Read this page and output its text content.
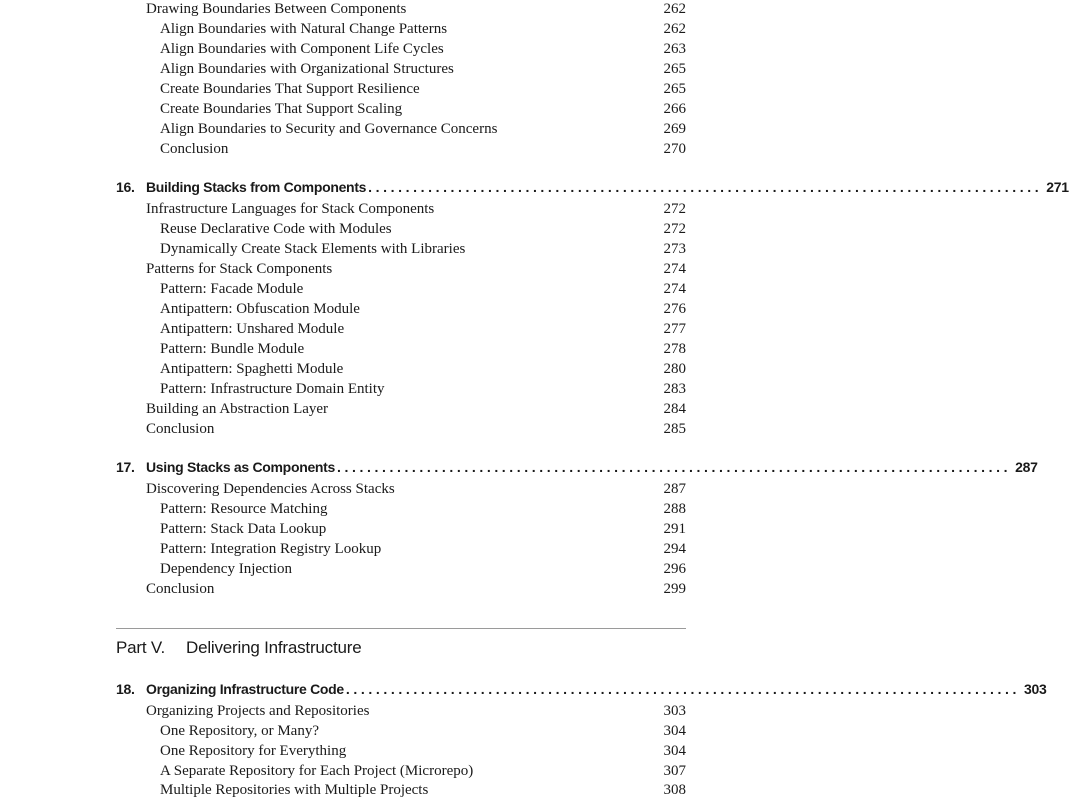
Drawing Boundaries Between Components	262
Align Boundaries with Natural Change Patterns	262
Align Boundaries with Component Life Cycles	263
Align Boundaries with Organizational Structures	265
Create Boundaries That Support Resilience	265
Create Boundaries That Support Scaling	266
Align Boundaries to Security and Governance Concerns	269
Conclusion	270
16. Building Stacks from Components .......................................................................................... 271
Infrastructure Languages for Stack Components	272
Reuse Declarative Code with Modules	272
Dynamically Create Stack Elements with Libraries	273
Patterns for Stack Components	274
Pattern: Facade Module	274
Antipattern: Obfuscation Module	276
Antipattern: Unshared Module	277
Pattern: Bundle Module	278
Antipattern: Spaghetti Module	280
Pattern: Infrastructure Domain Entity	283
Building an Abstraction Layer	284
Conclusion	285
17. Using Stacks as Components .......................................................................................... 287
Discovering Dependencies Across Stacks	287
Pattern: Resource Matching	288
Pattern: Stack Data Lookup	291
Pattern: Integration Registry Lookup	294
Dependency Injection	296
Conclusion	299
Part V. Delivering Infrastructure
18. Organizing Infrastructure Code .......................................................................................... 303
Organizing Projects and Repositories	303
One Repository, or Many?	304
One Repository for Everything	304
A Separate Repository for Each Project (Microrepo)	307
Multiple Repositories with Multiple Projects	308
